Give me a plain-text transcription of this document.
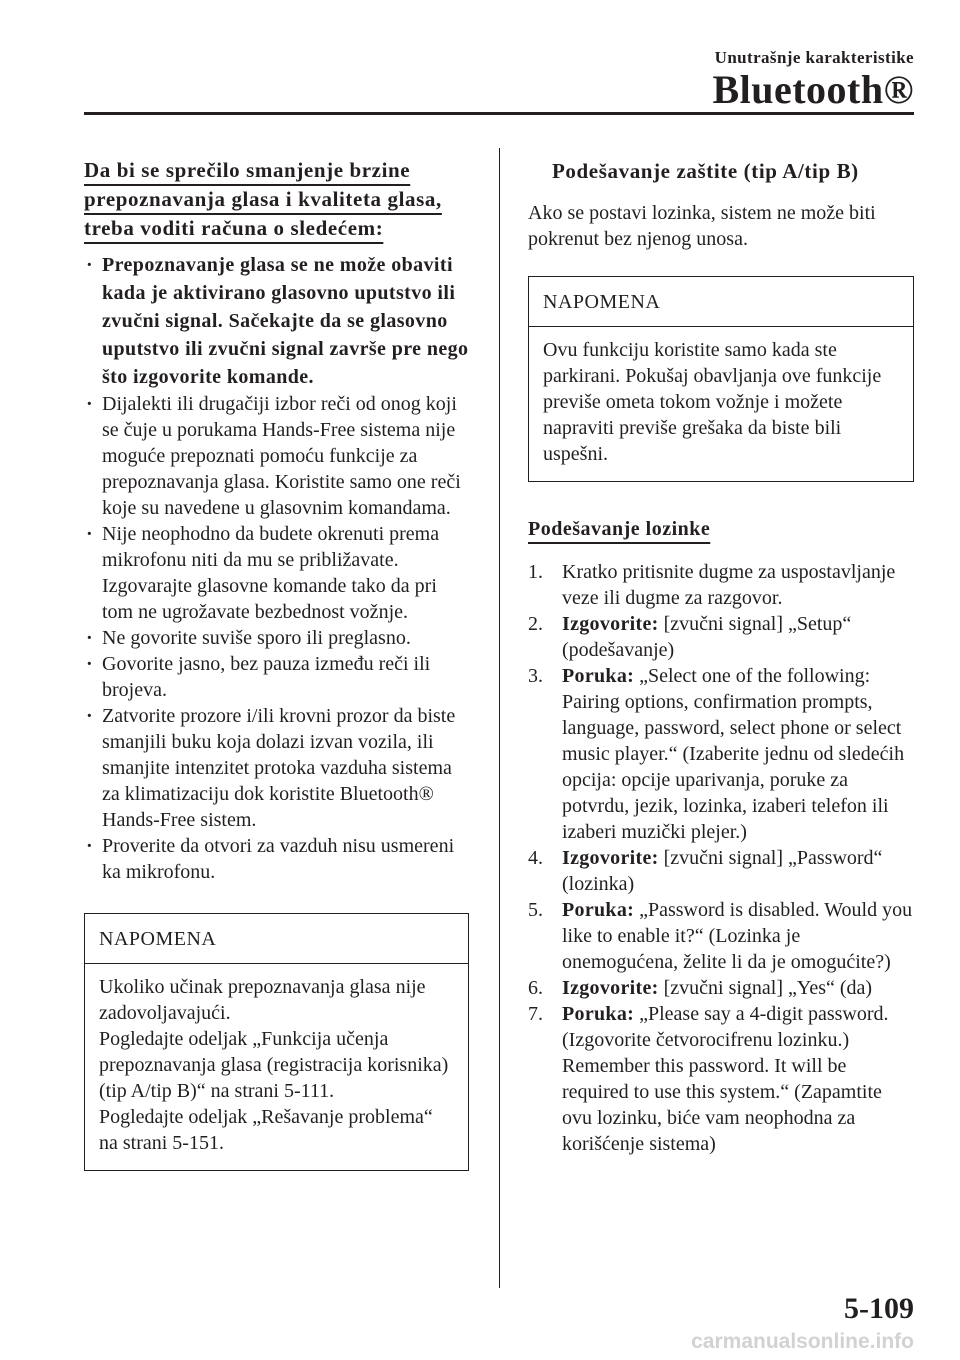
Unutrašnje karakteristike
Bluetooth®
Da bi se sprečilo smanjenje brzine prepoznavanja glasa i kvaliteta glasa, treba voditi računa o sledećem:
· Prepoznavanje glasa se ne može obaviti kada je aktivirano glasovno uputstvo ili zvučni signal. Sačekajte da se glasovno uputstvo ili zvučni signal završe pre nego što izgovorite komande.
· Dijalekti ili drugačiji izbor reči od onog koji se čuje u porukama Hands-Free sistema nije moguće prepoznati pomoću funkcije za prepoznavanja glasa. Koristite samo one reči koje su navedene u glasovnim komandama.
· Nije neophodno da budete okrenuti prema mikrofonu niti da mu se približavate. Izgovarajte glasovne komande tako da pri tom ne ugrožavate bezbednost vožnje.
· Ne govorite suviše sporo ili preglasno.
· Govorite jasno, bez pauza između reči ili brojeva.
· Zatvorite prozore i/ili krovni prozor da biste smanjili buku koja dolazi izvan vozila, ili smanjite intenzitet protoka vazduha sistema za klimatizaciju dok koristite Bluetooth® Hands-Free sistem.
· Proverite da otvori za vazduh nisu usmereni ka mikrofonu.
NAPOMENA

Ukoliko učinak prepoznavanja glasa nije zadovoljavajući.

Pogledajte odeljak „Funkcija učenja prepoznavanja glasa (registracija korisnika) (tip A/tip B)“ na strani 5-111.

Pogledajte odeljak „Rešavanje problema“ na strani 5-151.

Podešavanje zaštite (tip A/tip B)
Ako se postavi lozinka, sistem ne može biti pokrenut bez njenog unosa.
NAPOMENA
Ovu funkciju koristite samo kada ste parkirani. Pokušaj obavljanja ove funkcije previše ometa tokom vožnje i možete napraviti previše grešaka da biste bili uspešni.
Podešavanje lozinke
1. Kratko pritisnite dugme za uspostavljanje veze ili dugme za razgovor.
2. Izgovorite: [zvučni signal] „Setup“ (podešavanje)
3. Poruka: „Select one of the following: Pairing options, confirmation prompts, language, password, select phone or select music player.“ (Izaberite jednu od sledećih opcija: opcije uparivanja, poruke za potvrdu, jezik, lozinka, izaberi telefon ili izaberi muzički plejer.)
4. Izgovorite: [zvučni signal] „Password“ (lozinka)
5. Poruka: „Password is disabled. Would you like to enable it?“ (Lozinka je onemogućena, želite li da je omogućite?)
6. Izgovorite: [zvučni signal] „Yes“ (da)
7. Poruka: „Please say a 4-digit password. (Izgovorite četvorocifrenu lozinku.) Remember this password. It will be required to use this system.“ (Zapamtite ovu lozinku, biće vam neophodna za korišćenje sistema)
5-109
carmanualsonline.info
